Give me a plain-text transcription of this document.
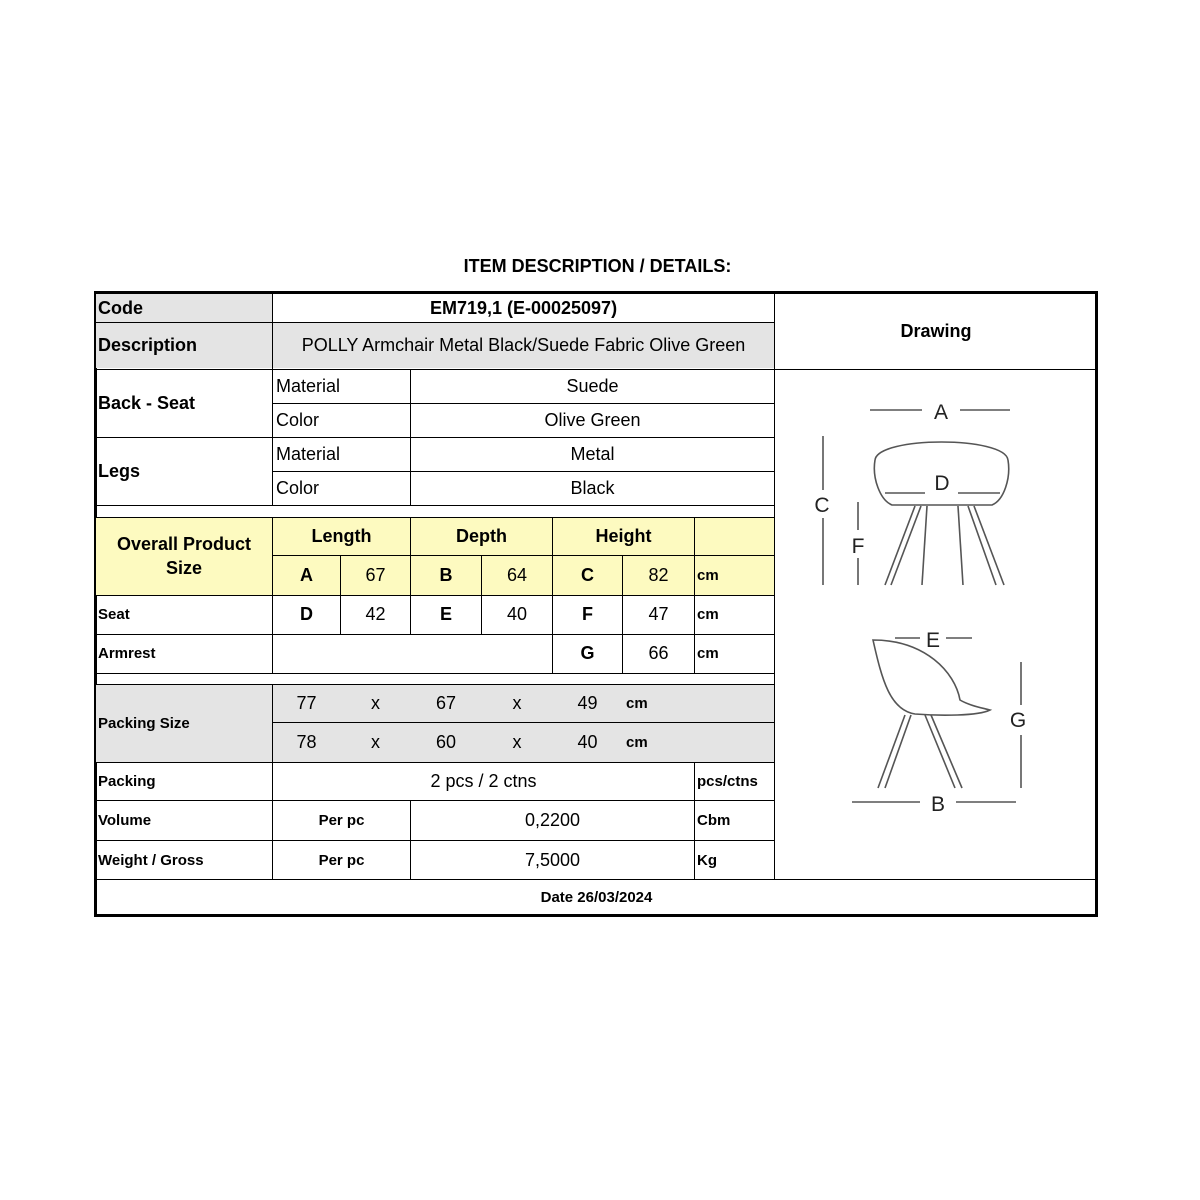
ITEM DESCRIPTION / DETAILS:
Code	EM719,1 (E-00025097)
Description	POLLY Armchair Metal Black/Suede Fabric Olive Green
Drawing
Back - Seat
Material	Suede
Color	Olive Green
Legs
Material	Metal
Color	Black
Overall Product
Size
Length	Depth	Height
A	67	B	64	C	82	cm
Seat	D	42	E	40	F	47	cm
Armrest	G	66	cm
Packing Size
77	x	67	x	49	cm
78	x	60	x	40	cm
Packing	2 pcs / 2 ctns	pcs/ctns
Volume	Per pc	0,2200	Cbm
Weight / Gross	Per pc	7,5000	Kg
Date 26/03/2024
A
C
D
F
E
G
B
